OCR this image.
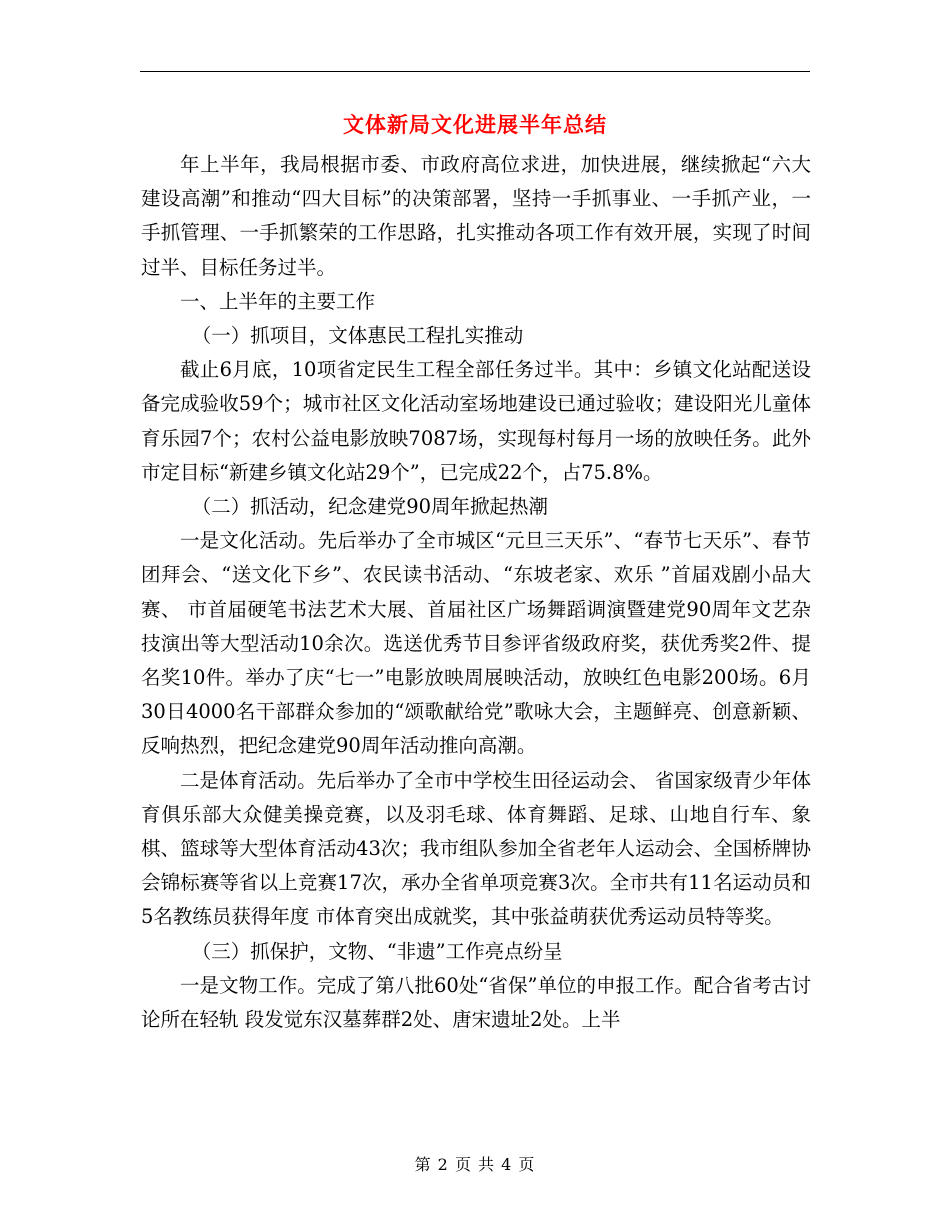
文体新局文化进展半年总结

年上半年，我局根据市委、市政府高位求进，加快进展，继续掀起“六大建设高潮”和推动“四大目标”的决策部署，坚持一手抓事业、一手抓产业，一手抓管理、一手抓繁荣的工作思路，扎实推动各项工作有效开展，实现了时间过半、目标任务过半。

一、上半年的主要工作

（一）抓项目，文体惠民工程扎实推动

截止6月底，10项省定民生工程全部任务过半。其中：乡镇文化站配送设备完成验收59个；城市社区文化活动室场地建设已通过验收；建设阳光儿童体育乐园7个；农村公益电影放映7087场，实现每村每月一场的放映任务。此外市定目标“新建乡镇文化站29个”，已完成22个，占75.8%。

（二）抓活动，纪念建党90周年掀起热潮

一是文化活动。先后举办了全市城区“元旦三天乐”、“春节七天乐”、春节团拜会、“送文化下乡”、农民读书活动、“东坡老家、欢乐 ”首届戏剧小品大赛、 市首届硬笔书法艺术大展、首届社区广场舞蹈调演暨建党90周年文艺杂技演出等大型活动10余次。选送优秀节目参评省级政府奖，获优秀奖2件、提名奖10件。举办了庆“七一”电影放映周展映活动，放映红色电影200场。6月30日4000名干部群众参加的“颂歌献给党”歌咏大会，主题鲜亮、创意新颖、反响热烈，把纪念建党90周年活动推向高潮。

二是体育活动。先后举办了全市中学校生田径运动会、 省国家级青少年体育俱乐部大众健美操竞赛，以及羽毛球、体育舞蹈、足球、山地自行车、象棋、篮球等大型体育活动43次；我市组队参加全省老年人运动会、全国桥牌协会锦标赛等省以上竞赛17次，承办全省单项竞赛3次。全市共有11名运动员和5名教练员获得年度 市体育突出成就奖，其中张益萌获优秀运动员特等奖。

（三）抓保护，文物、“非遗”工作亮点纷呈

一是文物工作。完成了第八批60处“省保”单位的申报工作。配合省考古讨论所在轻轨 段发觉东汉墓葬群2处、唐宋遗址2处。上半

第 2 页 共 4 页
